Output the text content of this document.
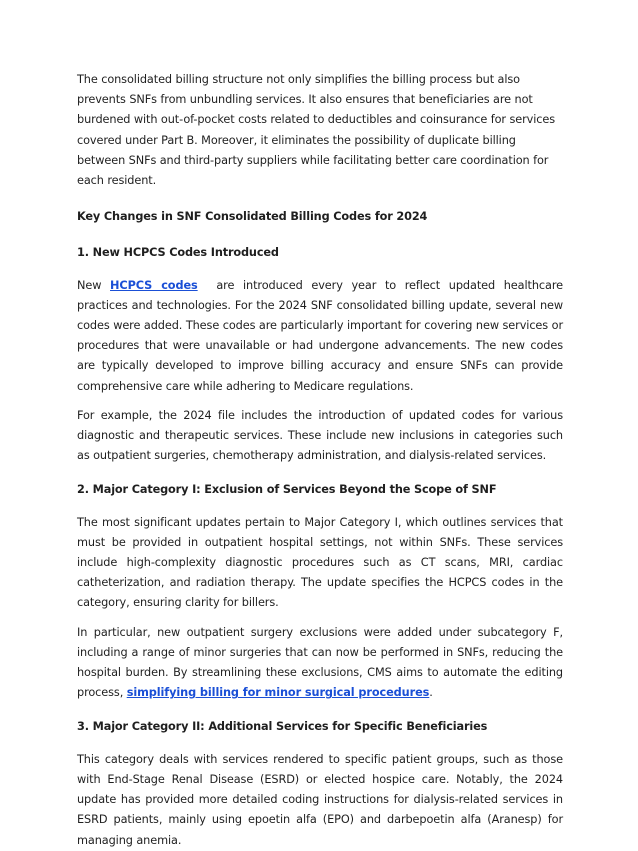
The consolidated billing structure not only simplifies the billing process but also prevents SNFs from unbundling services. It also ensures that beneficiaries are not burdened with out-of-pocket costs related to deductibles and coinsurance for services covered under Part B. Moreover, it eliminates the possibility of duplicate billing between SNFs and third-party suppliers while facilitating better care coordination for each resident.

Key Changes in SNF Consolidated Billing Codes for 2024

1. New HCPCS Codes Introduced

New HCPCS codes are introduced every year to reflect updated healthcare practices and technologies. For the 2024 SNF consolidated billing update, several new codes were added. These codes are particularly important for covering new services or procedures that were unavailable or had undergone advancements. The new codes are typically developed to improve billing accuracy and ensure SNFs can provide comprehensive care while adhering to Medicare regulations.

For example, the 2024 file includes the introduction of updated codes for various diagnostic and therapeutic services. These include new inclusions in categories such as outpatient surgeries, chemotherapy administration, and dialysis-related services.

2. Major Category I: Exclusion of Services Beyond the Scope of SNF

The most significant updates pertain to Major Category I, which outlines services that must be provided in outpatient hospital settings, not within SNFs. These services include high-complexity diagnostic procedures such as CT scans, MRI, cardiac catheterization, and radiation therapy. The update specifies the HCPCS codes in the category, ensuring clarity for billers.

In particular, new outpatient surgery exclusions were added under subcategory F, including a range of minor surgeries that can now be performed in SNFs, reducing the hospital burden. By streamlining these exclusions, CMS aims to automate the editing process, simplifying billing for minor surgical procedures.

3. Major Category II: Additional Services for Specific Beneficiaries

This category deals with services rendered to specific patient groups, such as those with End-Stage Renal Disease (ESRD) or elected hospice care. Notably, the 2024 update has provided more detailed coding instructions for dialysis-related services in ESRD patients, mainly using epoetin alfa (EPO) and darbepoetin alfa (Aranesp) for managing anemia.
